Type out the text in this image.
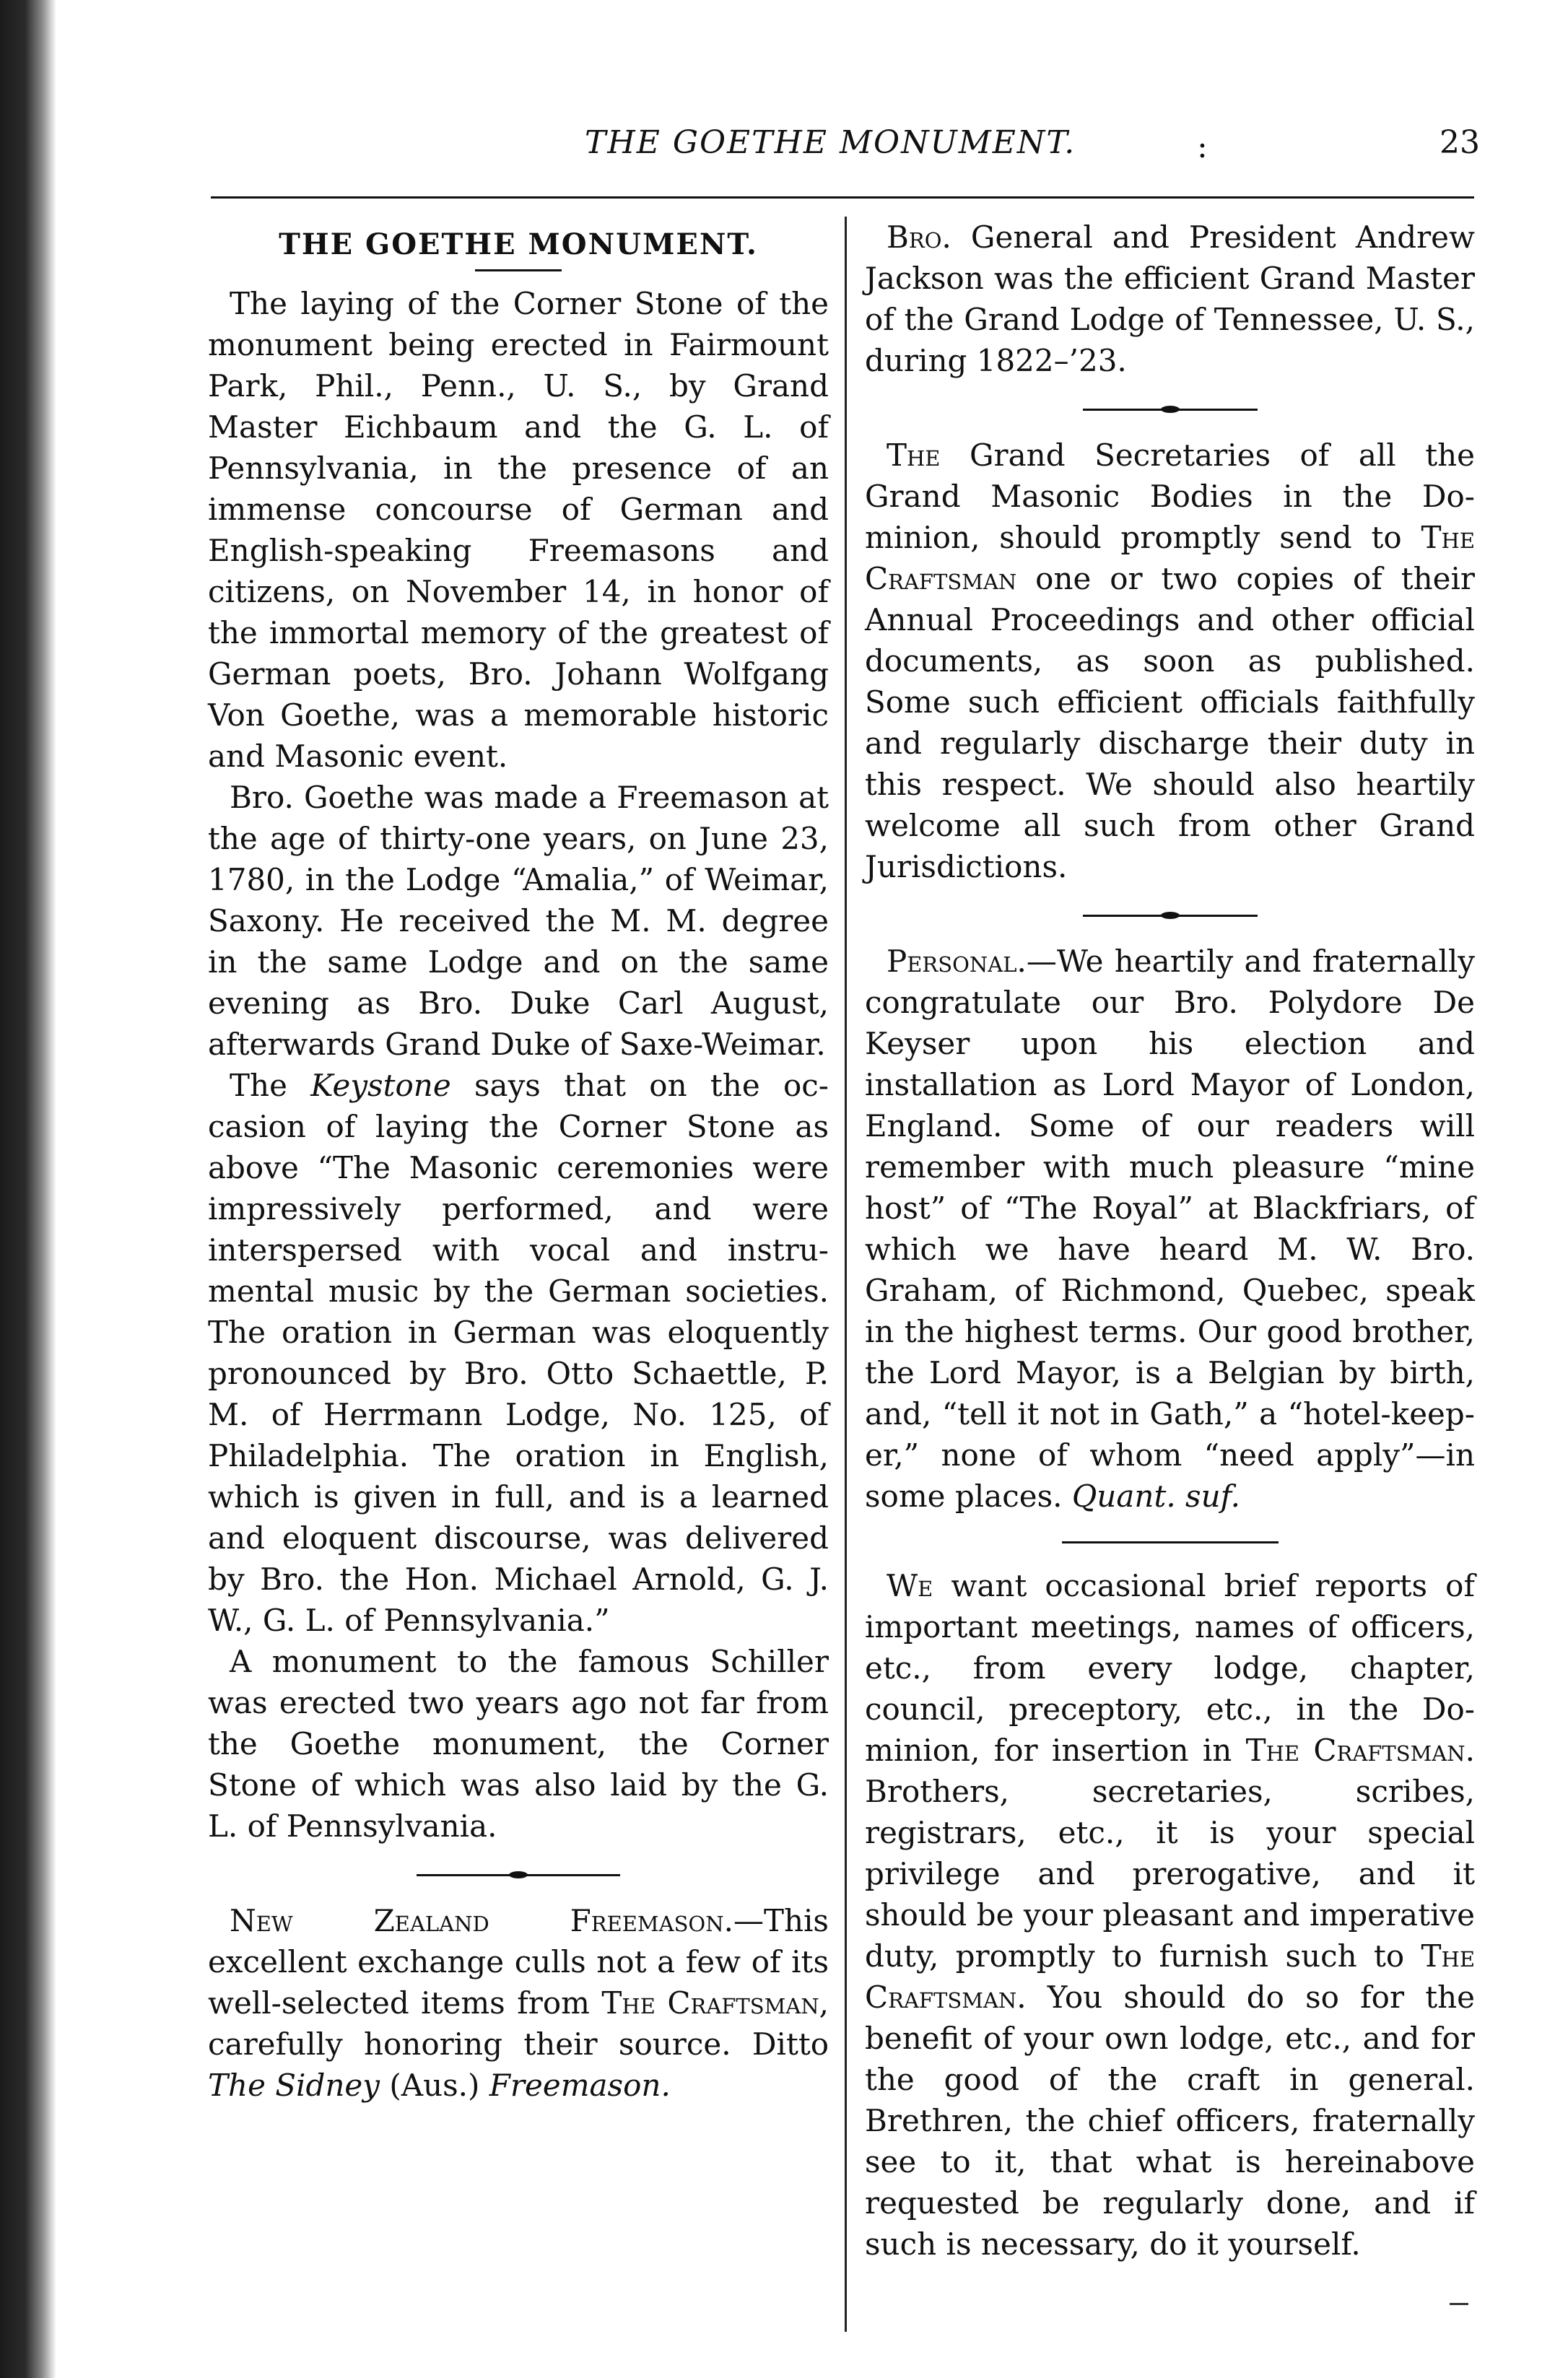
THE GOETHE MONUMENT.	:	23
THE GOETHE MONUMENT.

The laying of the Corner Stone of the monument being erected in Fairmount Park, Phil., Penn., U. S., by Grand Master Eichbaum and the G. L. of Pennsylvania, in the presence of an immense concourse of German and English-speaking Freemasons and citizens, on November 14, in honor of the immortal memory of the greatest of German poets, Bro. Johann Wolfgang Von Goethe, was a memorable historic and Masonic event.

Bro. Goethe was made a Freemason at the age of thirty-one years, on June 23, 1780, in the Lodge “Amalia,” of Weimar, Saxony. He received the M. M. degree in the same Lodge and on the same evening as Bro. Duke Carl August, afterwards Grand Duke of Saxe-Weimar.

The Keystone says that on the occasion of laying the Corner Stone as above “The Masonic ceremonies were impressively performed, and were interspersed with vocal and instrumental music by the German societies. The oration in German was eloquently pronounced by Bro. Otto Schaettle, P. M. of Herrmann Lodge, No. 125, of Philadelphia. The oration in English, which is given in full, and is a learned and eloquent discourse, was delivered by Bro. the Hon. Michael Arnold, G. J. W., G. L. of Pennsylvania.”

A monument to the famous Schiller was erected two years ago not far from the Goethe monument, the Corner Stone of which was also laid by the G. L. of Pennsylvania.

New Zealand Freemason.—This excellent exchange culls not a few of its well-selected items from The Craftsman, carefully honoring their source. Ditto The Sidney (Aus.) Freemason.

Bro. General and President Andrew Jackson was the efficient Grand Master of the Grand Lodge of Tennessee, U. S., during 1822–’23.

The Grand Secretaries of all the Grand Masonic Bodies in the Dominion, should promptly send to The Craftsman one or two copies of their Annual Proceedings and other official documents, as soon as published. Some such efficient officials faithfully and regularly discharge their duty in this respect. We should also heartily welcome all such from other Grand Jurisdictions.

Personal.—We heartily and fraternally congratulate our Bro. Polydore De Keyser upon his election and installation as Lord Mayor of London, England. Some of our readers will remember with much pleasure “mine host” of “The Royal” at Blackfriars, of which we have heard M. W. Bro. Graham, of Richmond, Quebec, speak in the highest terms. Our good brother, the Lord Mayor, is a Belgian by birth, and, “tell it not in Gath,” a “hotel-keeper,” none of whom “need apply”—in some places. Quant. suf.

We want occasional brief reports of important meetings, names of officers, etc., from every lodge, chapter, council, preceptory, etc., in the Dominion, for insertion in The Craftsman. Brothers, secretaries, scribes, registrars, etc., it is your special privilege and prerogative, and it should be your pleasant and imperative duty, promptly to furnish such to The Craftsman. You should do so for the benefit of your own lodge, etc., and for the good of the craft in general. Brethren, the chief officers, fraternally see to it, that what is hereinabove requested be regularly done, and if such is necessary, do it yourself.
